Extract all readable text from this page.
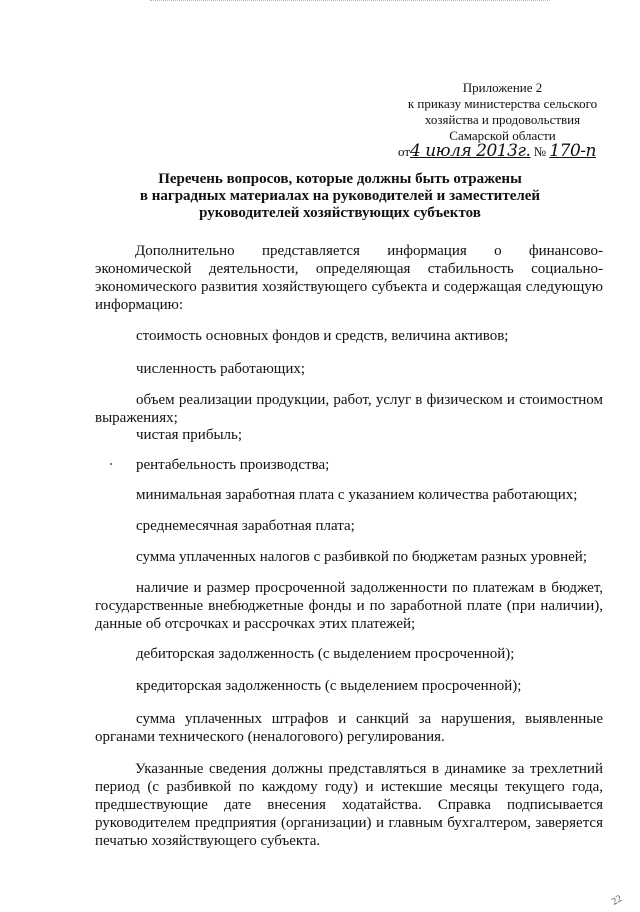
Приложение 2
к приказу министерства сельского
хозяйства и продовольствия
Самарской области
от4 июля 2013г. № 170-п
Перечень вопросов, которые должны быть отражены
в наградных материалах на руководителей и заместителей
руководителей хозяйствующих субъектов
Дополнительно представляется информация о финансово-экономической деятельности, определяющая стабильность социально-экономического развития хозяйствующего субъекта и содержащая следующую информацию:
стоимость основных фондов и средств, величина активов;
численность работающих;
объем реализации продукции, работ, услуг в физическом и стоимостном выражениях;
чистая прибыль;
рентабельность производства;
минимальная заработная плата с указанием количества работающих;
среднемесячная заработная плата;
сумма уплаченных налогов с разбивкой по бюджетам разных уровней;
наличие и размер просроченной задолженности по платежам в бюджет, государственные внебюджетные фонды и по заработной плате (при наличии), данные об отсрочках и рассрочках этих платежей;
дебиторская задолженность (с выделением просроченной);
кредиторская задолженность (с выделением просроченной);
сумма уплаченных штрафов и санкций за нарушения, выявленные органами технического (неналогового) регулирования.
Указанные сведения должны представляться в динамике за трехлетний период (с разбивкой по каждому году) и истекшие месяцы текущего года, предшествующие дате внесения ходатайства. Справка подписывается руководителем предприятия (организации) и главным бухгалтером, заверяется печатью хозяйствующего субъекта.
22
